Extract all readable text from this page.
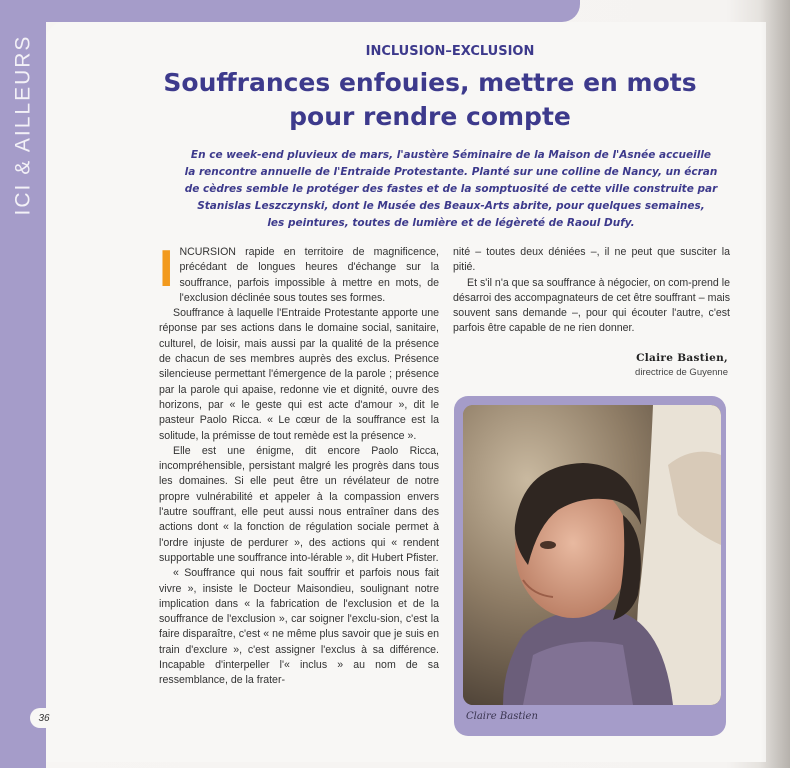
ICI & AILLEURS
36
INCLUSION–EXCLUSION
Souffrances enfouies, mettre en mots
pour rendre compte
En ce week-end pluvieux de mars, l'austère Séminaire de la Maison de l'Asnée accueille
la rencontre annuelle de l'Entraide Protestante. Planté sur une colline de Nancy, un écran
de cèdres semble le protéger des fastes et de la somptuosité de cette ville construite par
Stanislas Leszczynski, dont le Musée des Beaux-Arts abrite, pour quelques semaines,
les peintures, toutes de lumière et de légèreté de Raoul Dufy.

INCURSION rapide en territoire de magnificence, précédant de longues heures d'échange sur la souffrance, parfois impossible à mettre en mots, de l'exclusion déclinée sous toutes ses formes.

Souffrance à laquelle l'Entraide Protestante apporte une réponse par ses actions dans le domaine social, sanitaire, culturel, de loisir, mais aussi par la qualité de la présence de chacun de ses membres auprès des exclus. Présence silencieuse permettant l'émergence de la parole ; présence par la parole qui apaise, redonne vie et dignité, ouvre des horizons, par « le geste qui est acte d'amour », dit le pasteur Paolo Ricca. « Le cœur de la souffrance est la solitude, la prémisse de tout remède est la présence ».

Elle est une énigme, dit encore Paolo Ricca, incompréhensible, persistant malgré les progrès dans tous les domaines. Si elle peut être un révélateur de notre propre vulnérabilité et appeler à la compassion envers l'autre souffrant, elle peut aussi nous entraîner dans des actions dont « la fonction de régulation sociale permet à l'ordre injuste de perdurer », des actions qui « rendent supportable une souffrance into-lérable », dit Hubert Pfister.

« Souffrance qui nous fait souffrir et parfois nous fait vivre », insiste le Docteur Maisondieu, soulignant notre implication dans « la fabrication de l'exclusion et de la souffrance de l'exclusion », car soigner l'exclu-sion, c'est la faire disparaître, c'est « ne même plus savoir que je suis en train d'exclure », c'est assigner l'exclus à sa différence. Incapable d'interpeller l'« inclus » au nom de sa ressemblance, de la frater-

nité – toutes deux déniées –, il ne peut que susciter la pitié.

Et s'il n'a que sa souffrance à négocier, on com-prend le désarroi des accompagnateurs de cet être souffrant – mais souvent sans demande –, pour qui écouter l'autre, c'est parfois être capable de ne rien donner.

Claire Bastien,
directrice de Guyenne
Claire Bastien
